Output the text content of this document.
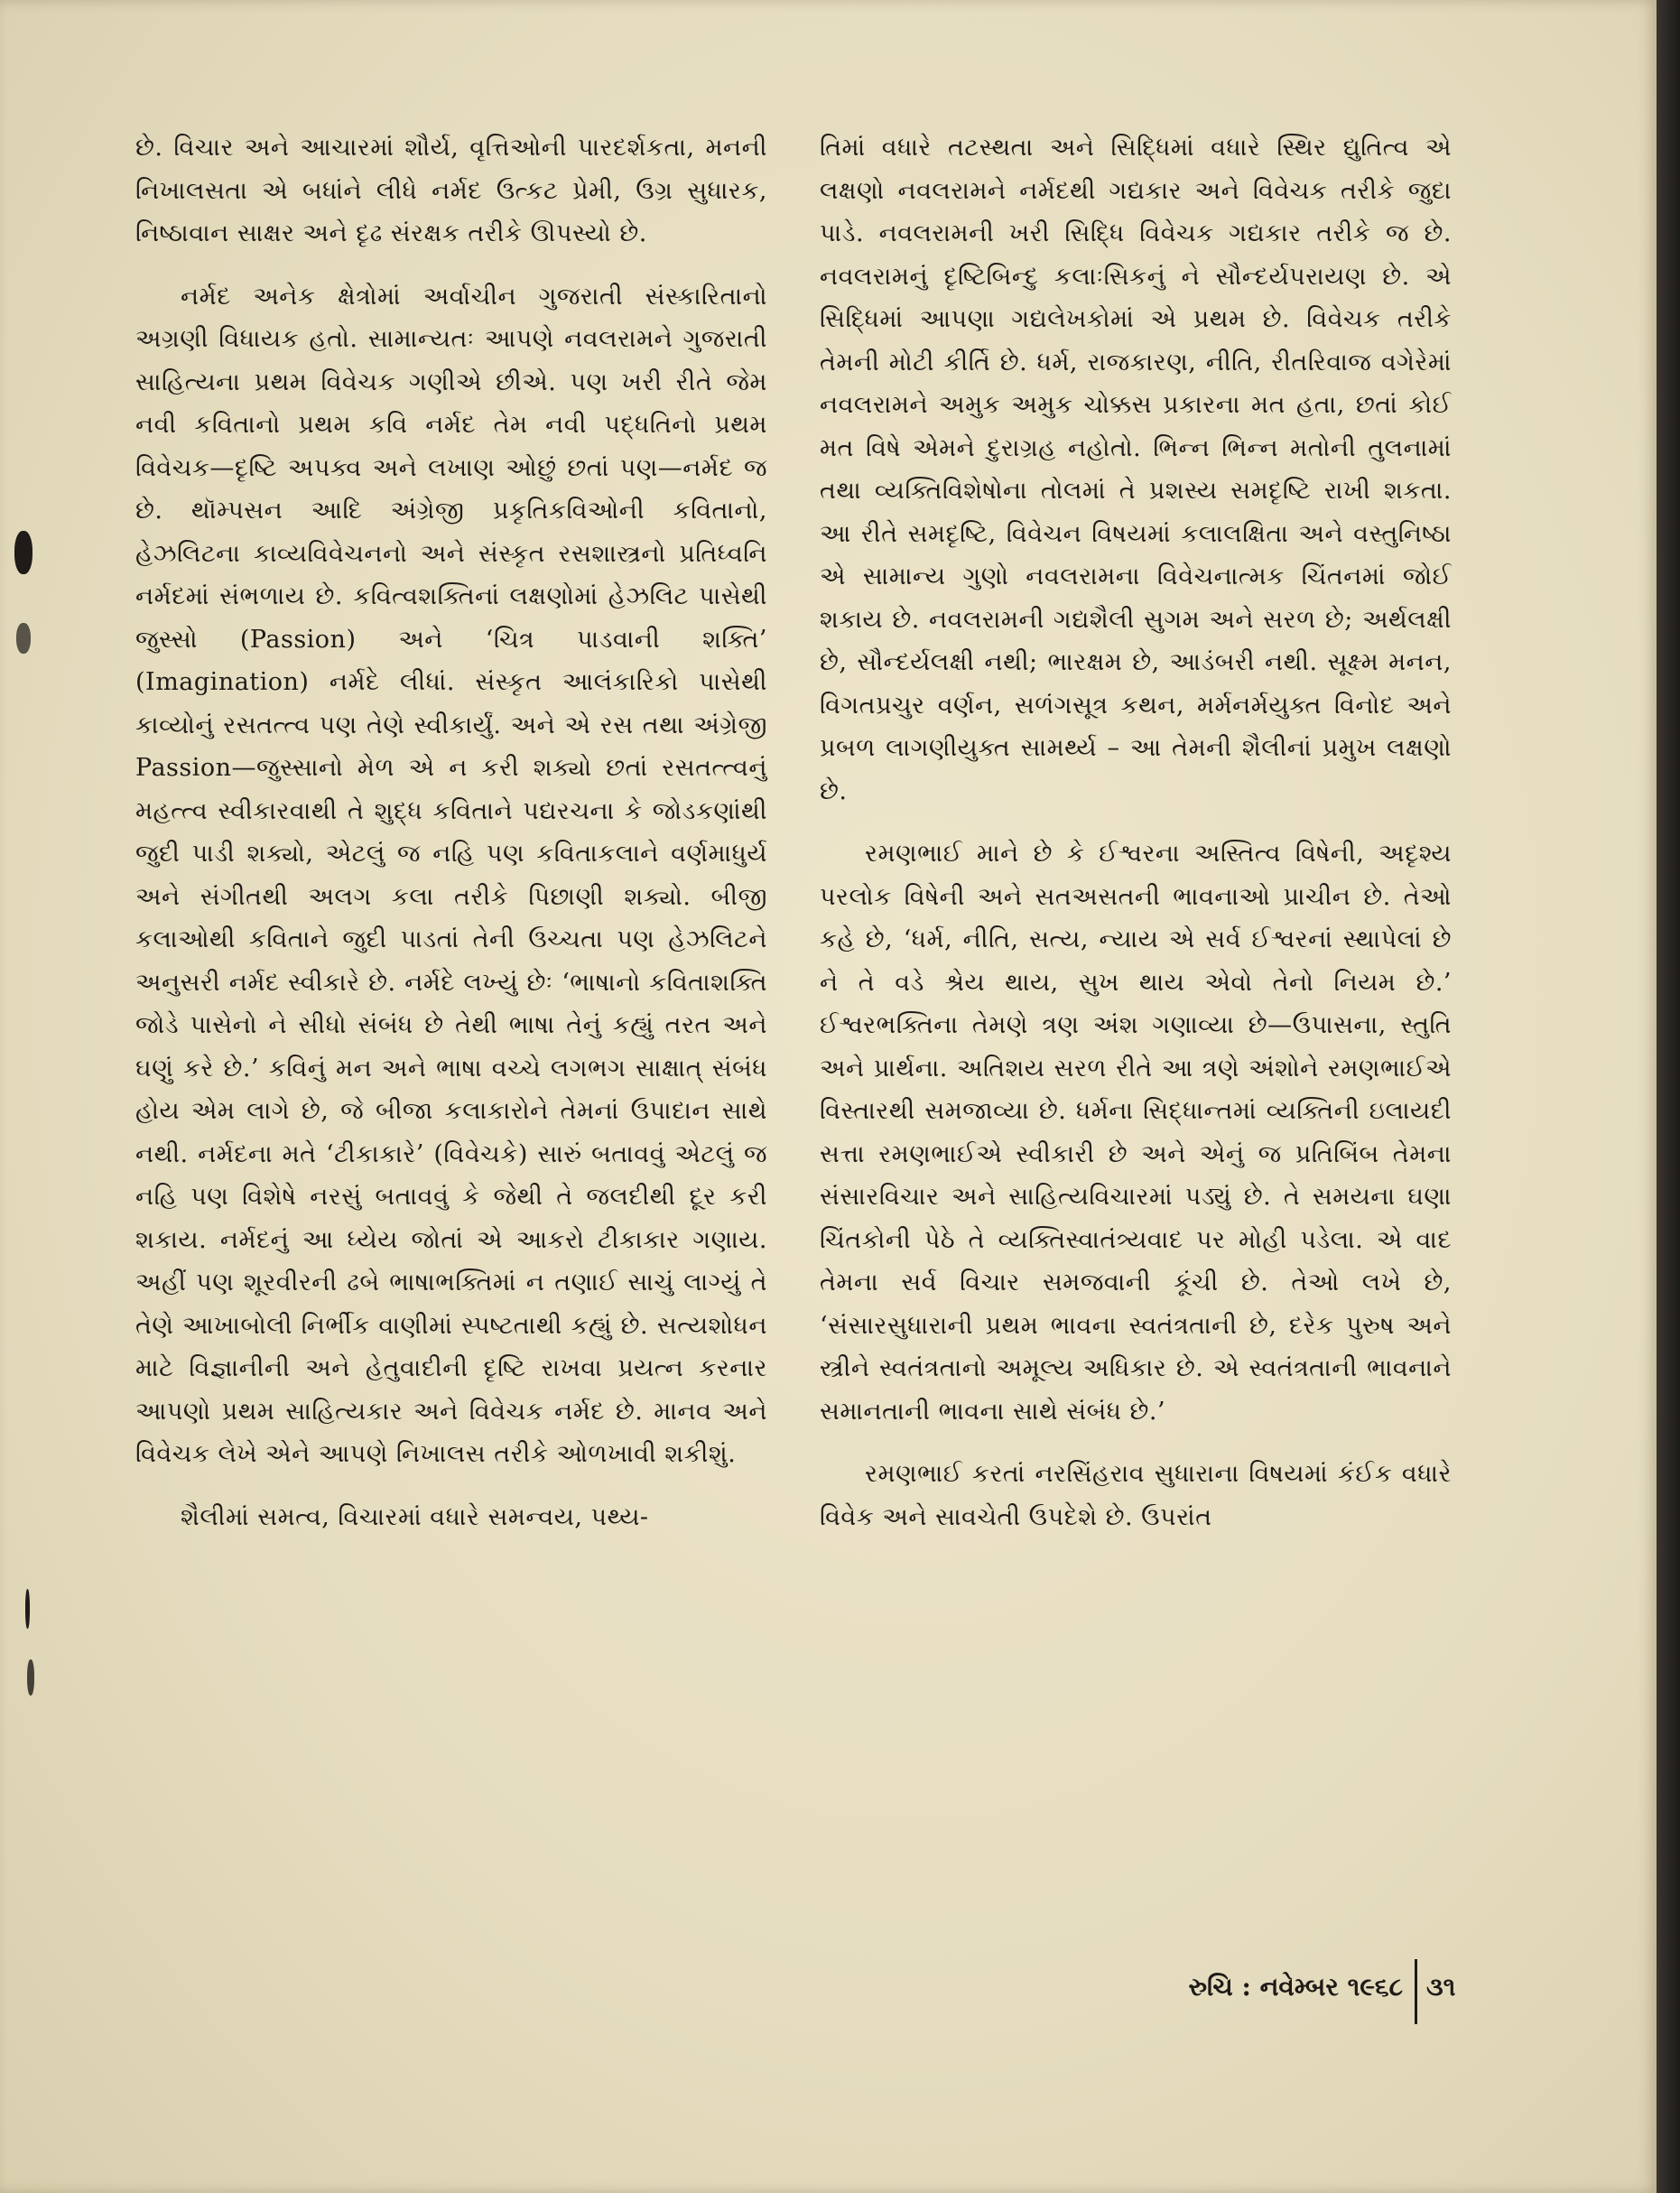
છે. વિચાર અને આચારમાં શૌર્ય, વૃત્તિઓની પારદર્શકતા, મનની નિખાલસતા એ બધાંને લીધે નર્મદ ઉત્કટ પ્રેમી, ઉગ્ર સુધારક, નિષ્ઠાવાન સાક્ષર અને દૃઢ સંરક્ષક તરીકે ઊપસ્યો છે.

નર્મદ અનેક ક્ષેત્રોમાં અર્વાચીન ગુજરાતી સંસ્કારિતાનો અગ્રણી વિધાયક હતો. સામાન્યતઃ આપણે નવલરામને ગુજરાતી સાહિત્યના પ્રથમ વિવેચક ગણીએ છીએ. પણ ખરી રીતે જેમ નવી કવિતાનો પ્રથમ કવિ નર્મદ તેમ નવી પદ્ધતિનો પ્રથમ વિવેચક—દૃષ્ટિ અપક્વ અને લખાણ ઓછું છતાં પણ—નર્મદ જ છે. થૉમ્પસન આદિ અંગ્રેજી પ્રકૃતિકવિઓની કવિતાનો, હેઝલિટના કાવ્યવિવેચનનો અને સંસ્કૃત રસશાસ્ત્રનો પ્રતિધ્વનિ નર્મદમાં સંભળાય છે. કવિત્વશક્તિનાં લક્ષણોમાં હેઝલિટ પાસેથી જુસ્સો (Passion) અને ‘ચિત્ર પાડવાની શક્તિ’ (Imagination) નર્મદે લીધાં. સંસ્કૃત આલંકારિકો પાસેથી કાવ્યોનું રસતત્ત્વ પણ તેણે સ્વીકાર્યું. અને એ રસ તથા અંગ્રેજી Passion—જુસ્સાનો મેળ એ ન કરી શક્યો છતાં રસતત્ત્વનું મહત્ત્વ સ્વીકારવાથી તે શુદ્ધ કવિતાને પદ્યરચના કે જોડકણાંથી જુદી પાડી શક્યો, એટલું જ નહિ પણ કવિતાકલાને વર્ણમાધુર્ય અને સંગીતથી અલગ કલા તરીકે પિછાણી શક્યો. બીજી કલાઓથી કવિતાને જુદી પાડતાં તેની ઉચ્ચતા પણ હેઝલિટને અનુસરી નર્મદ સ્વીકારે છે. નર્મદે લખ્યું છેઃ ‘ભાષાનો કવિતાશક્તિ જોડે પાસેનો ને સીધો સંબંધ છે તેથી ભાષા તેનું કહ્યું તરત અને ઘણું કરે છે.’ કવિનું મન અને ભાષા વચ્ચે લગભગ સાક્ષાત્ સંબંધ હોય એમ લાગે છે, જે બીજા કલાકારોને તેમનાં ઉપાદાન સાથે નથી. નર્મદના મતે ‘ટીકાકારે’ (વિવેચકે) સારું બતાવવું એટલું જ નહિ પણ વિશેષે નરસું બતાવવું કે જેથી તે જલદીથી દૂર કરી શકાય. નર્મદનું આ ધ્યેય જોતાં એ આકરો ટીકાકાર ગણાય. અહીં પણ શૂરવીરની ઢબે ભાષાભક્તિમાં ન તણાઈ સાચું લાગ્યું તે તેણે આખાબોલી નિર્ભીક વાણીમાં સ્પષ્ટતાથી કહ્યું છે. સત્યશોધન માટે વિજ્ઞાનીની અને હેતુવાદીની દૃષ્ટિ રાખવા પ્રયત્ન કરનાર આપણો પ્રથમ સાહિત્યકાર અને વિવેચક નર્મદ છે. માનવ અને વિવેચક લેખે એને આપણે નિખાલસ તરીકે ઓળખાવી શકીશું.

શૈલીમાં સમત્વ, વિચારમાં વધારે સમન્વય, પથ્ય-

તિમાં વધારે તટસ્થતા અને સિદ્ધિમાં વધારે સ્થિર દ્યુતિત્વ એ લક્ષણો નવલરામને નર્મદથી ગદ્યકાર અને વિવેચક તરીકે જુદા પાડે. નવલરામની ખરી સિદ્ધિ વિવેચક ગદ્યકાર તરીકે જ છે. નવલરામનું દૃષ્ટિબિન્દુ કલાઃસિકનું ને સૌન્દર્યપરાયણ છે. એ સિદ્ધિમાં આપણા ગદ્યલેખકોમાં એ પ્રથમ છે. વિવેચક તરીકે તેમની મોટી કીર્તિ છે. ધર્મ, રાજકારણ, નીતિ, રીતરિવાજ વગેરેમાં નવલરામને અમુક અમુક ચોક્કસ પ્રકારના મત હતા, છતાં કોઈ મત વિષે એમને દુરાગ્રહ નહોતો. ભિન્ન ભિન્ન મતોની તુલનામાં તથા વ્યક્તિવિશેષોના તોલમાં તે પ્રશસ્ય સમદૃષ્ટિ રાખી શકતા. આ રીતે સમદૃષ્ટિ, વિવેચન વિષયમાં કલાલક્ષિતા અને વસ્તુનિષ્ઠા એ સામાન્ય ગુણો નવલરામના વિવેચનાત્મક ચિંતનમાં જોઈ શકાય છે. નવલરામની ગદ્યશૈલી સુગમ અને સરળ છે; અર્થલક્ષી છે, સૌન્દર્યલક્ષી નથી; ભારક્ષમ છે, આડંબરી નથી. સૂક્ષ્મ મનન, વિગતપ્રચુર વર્ણન, સળંગસૂત્ર કથન, મર્મનર્મયુક્ત વિનોદ અને પ્રબળ લાગણીયુક્ત સામર્થ્ય – આ તેમની શૈલીનાં પ્રમુખ લક્ષણો છે.

રમણભાઈ માને છે કે ઈશ્વરના અસ્તિત્વ વિષેની, અદૃશ્ય પરલોક વિષેની અને સતઅસતની ભાવનાઓ પ્રાચીન છે. તેઓ કહે છે, ‘ધર્મ, નીતિ, સત્ય, ન્યાય એ સર્વ ઈશ્વરનાં સ્થાપેલાં છે ને તે વડે શ્રેય થાય, સુખ થાય એવો તેનો નિયમ છે.’ ઈશ્વરભક્તિના તેમણે ત્રણ અંશ ગણાવ્યા છે—ઉપાસના, સ્તુતિ અને પ્રાર્થના. અતિશય સરળ રીતે આ ત્રણે અંશોને રમણભાઈએ વિસ્તારથી સમજાવ્યા છે. ધર્મના સિદ્ધાન્તમાં વ્યક્તિની ઇલાયદી સત્તા રમણભાઈએ સ્વીકારી છે અને એનું જ પ્રતિબિંબ તેમના સંસારવિચાર અને સાહિત્યવિચારમાં પડ્યું છે. તે સમયના ઘણા ચિંતકોની પેઠે તે વ્યક્તિસ્વાતંત્ર્યવાદ પર મોહી પડેલા. એ વાદ તેમના સર્વ વિચાર સમજવાની કૂંચી છે. તેઓ લખે છે, ‘સંસારસુધારાની પ્રથમ ભાવના સ્વતંત્રતાની છે, દરેક પુરુષ અને સ્ત્રીને સ્વતંત્રતાનો અમૂલ્ય અધિકાર છે. એ સ્વતંત્રતાની ભાવનાને સમાનતાની ભાવના સાથે સંબંધ છે.’

રમણભાઈ કરતાં નરસિંહરાવ સુધારાના વિષયમાં કંઈક વધારે વિવેક અને સાવચેતી ઉપદેશે છે. ઉપરાંત

રુચિ : નવેમ્બર ૧૯૬૮ ૩૧
